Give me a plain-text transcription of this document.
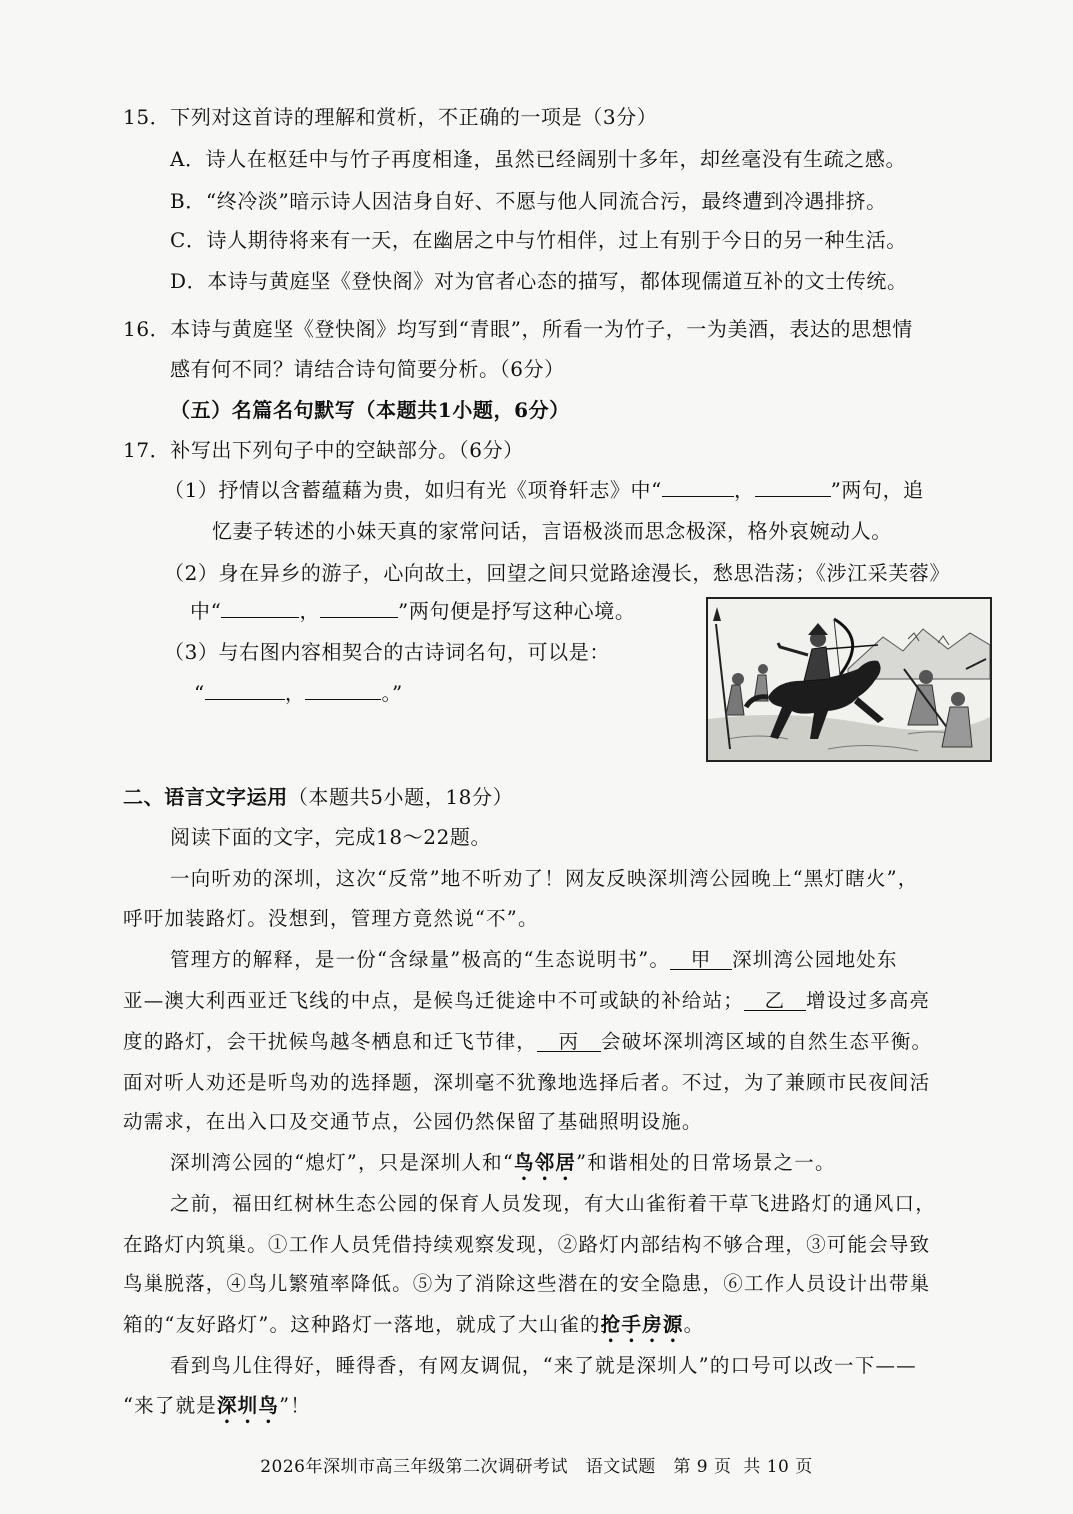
15．下列对这首诗的理解和赏析，不正确的一项是（3分）
A．诗人在枢廷中与竹子再度相逢，虽然已经阔别十多年，却丝毫没有生疏之感。
B．“终冷淡”暗示诗人因洁身自好、不愿与他人同流合污，最终遭到冷遇排挤。
C．诗人期待将来有一天，在幽居之中与竹相伴，过上有别于今日的另一种生活。
D．本诗与黄庭坚《登快阁》对为官者心态的描写，都体现儒道互补的文士传统。
16．本诗与黄庭坚《登快阁》均写到“青眼”，所看一为竹子，一为美酒，表达的思想情
感有何不同？请结合诗句简要分析。（6分）
（五）名篇名句默写（本题共1小题，6分）
17．补写出下列句子中的空缺部分。（6分）
（1）抒情以含蓄蕴藉为贵，如归有光《项脊轩志》中“	，	”两句，追
忆妻子转述的小妹天真的家常问话，言语极淡而思念极深，格外哀婉动人。
（2）身在异乡的游子，心向故土，回望之间只觉路途漫长，愁思浩荡；《涉江采芙蓉》
中“	，	”两句便是抒写这种心境。
（3）与右图内容相契合的古诗词名句，可以是：
“	，	。”
二、语言文字运用（本题共5小题，18分）
阅读下面的文字，完成18～22题。
一向听劝的深圳，这次“反常”地不听劝了！网友反映深圳湾公园晚上“黑灯瞎火”，
呼吁加装路灯。没想到，管理方竟然说“不”。
管理方的解释，是一份“含绿量”极高的“生态说明书”。 甲 深圳湾公园地处东
亚—澳大利西亚迁飞线的中点，是候鸟迁徙途中不可或缺的补给站； 乙 增设过多高亮
度的路灯，会干扰候鸟越冬栖息和迁飞节律， 丙 会破坏深圳湾区域的自然生态平衡。
面对听人劝还是听鸟劝的选择题，深圳毫不犹豫地选择后者。不过，为了兼顾市民夜间活
动需求，在出入口及交通节点，公园仍然保留了基础照明设施。
深圳湾公园的“熄灯”，只是深圳人和“鸟邻居”和谐相处的日常场景之一。
之前，福田红树林生态公园的保育人员发现，有大山雀衔着干草飞进路灯的通风口，
在路灯内筑巢。①工作人员凭借持续观察发现，②路灯内部结构不够合理，③可能会导致
鸟巢脱落，④鸟儿繁殖率降低。⑤为了消除这些潜在的安全隐患，⑥工作人员设计出带巢
箱的“友好路灯”。这种路灯一落地，就成了大山雀的抢手房源。
看到鸟儿住得好，睡得香，有网友调侃，“来了就是深圳人”的口号可以改一下——
“来了就是深圳鸟”！
2026年深圳市高三年级第二次调研考试   语文试题   第 9 页  共 10 页
